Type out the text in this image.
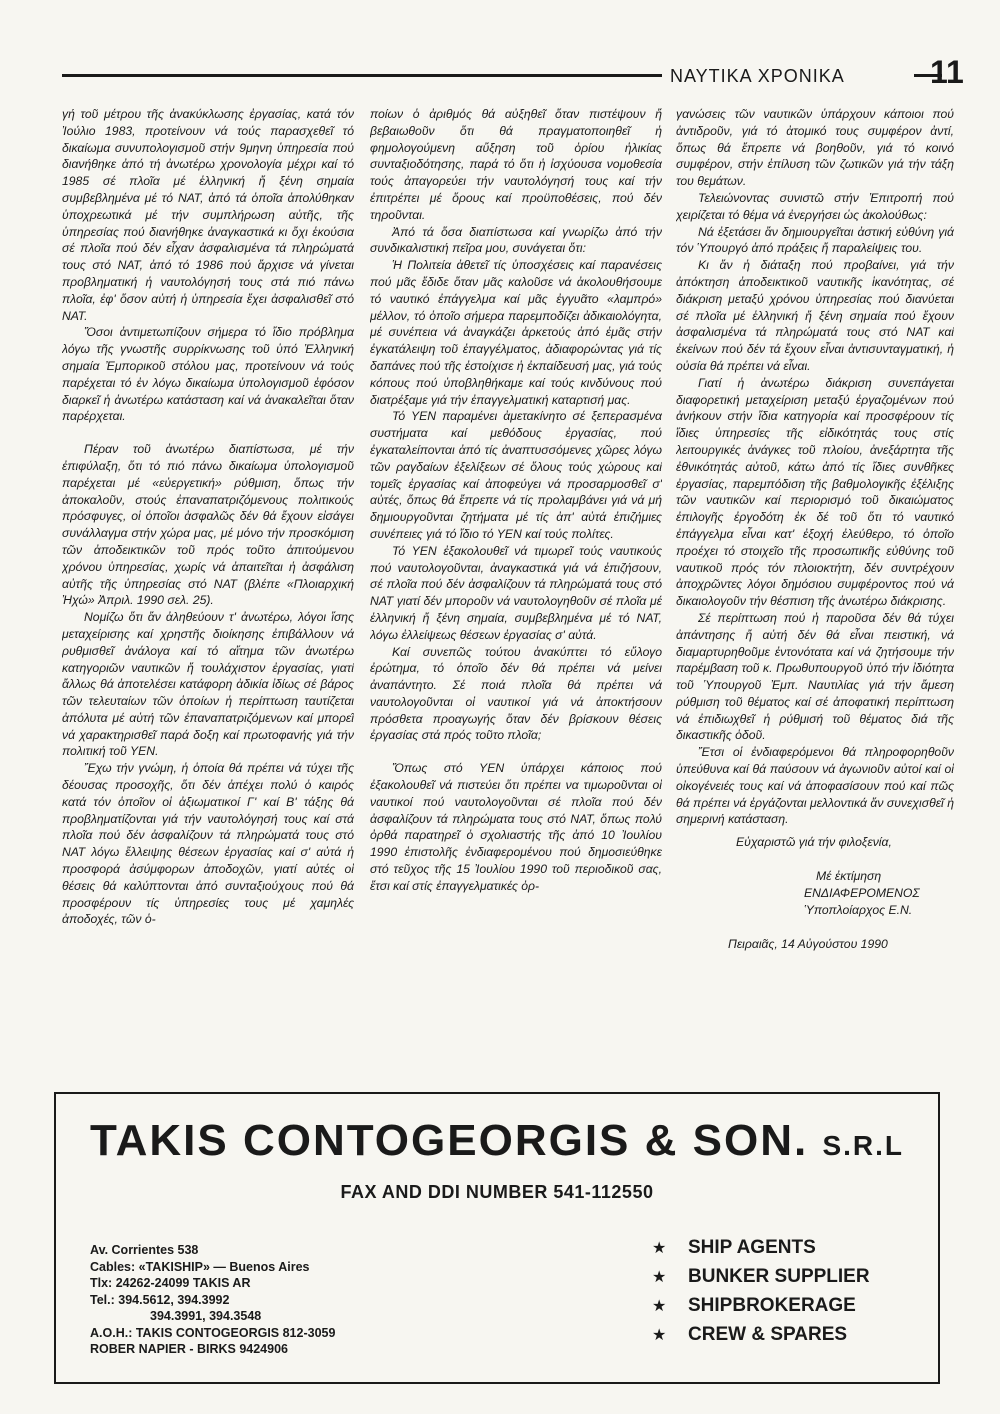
ΝΑΥΤΙΚΑ ΧΡΟΝΙΚΑ	11

γή τοῦ μέτρου τῆς ἀνακύκλωσης ἐργασίας, κατά τόν Ἰούλιο 1983, προτείνουν νά τούς παρασχεθεῖ τό δικαίωμα συνυπολογισμοῦ στήν 9μηνη ὑπηρεσία πού διανήθηκε ἀπό τή ἀνωτέρω χρονολογία μέχρι καί τό 1985 σέ πλοῖα μέ ἑλληνική ἤ ξένη σημαία συμβεβλημένα μέ τό ΝΑΤ, ἀπό τά ὁποῖα ἀπολύθηκαν ὑποχρεωτικά μέ τήν συμπλήρωση αὐτῆς, τῆς ὑπηρεσίας πού διανήθηκε ἀναγκαστικά κι ὄχι ἑκούσια σέ πλοῖα πού δέν εἶχαν ἀσφαλισμένα τά πληρώματά τους στό ΝΑΤ, ἀπό τό 1986 πού ἄρχισε νά γίνεται προβληματική ἡ ναυτολόγησή τους στά πιό πάνω πλοῖα, ἐφ' ὅσον αὐτή ἡ ὑπηρεσία ἔχει ἀσφαλισθεῖ στό ΝΑΤ.

Ὅσοι ἀντιμετωπίζουν σήμερα τό ἴδιο πρόβλημα λόγω τῆς γνωστῆς συρρίκνωσης τοῦ ὑπό Ἑλληνική σημαία Ἐμπορικοῦ στόλου μας, προτείνουν νά τούς παρέχεται τό ἐν λόγω δικαίωμα ὑπολογισμοῦ ἐφόσον διαρκεῖ ἡ ἀνωτέρω κατάσταση καί νά ἀνακαλεῖται ὅταν παρέρχεται.

Πέραν τοῦ ἀνωτέρω διαπίστωσα, μέ τήν ἐπιφύλαξη, ὅτι τό πιό πάνω δικαίωμα ὑπολογισμοῦ παρέχεται μέ «εὐεργετική» ρύθμιση, ὅπως τήν ἀποκαλοῦν, στούς ἐπαναπατριζόμενους πολιτικούς πρόσφυγες, οἱ ὁποῖοι ἀσφαλῶς δέν θά ἔχουν εἰσάγει συνάλλαγμα στήν χώρα μας, μέ μόνο τήν προσκόμιση τῶν ἀποδεικτικῶν τοῦ πρός τοῦτο ἀπιτούμενου χρόνου ὑπηρεσίας, χωρίς νά ἀπαιτεῖται ἡ ἀσφάλιση αὐτῆς τῆς ὑπηρεσίας στό ΝΑΤ (βλέπε «Πλοιαρχική Ἠχώ» Ἀπριλ. 1990 σελ. 25).

Νομίζω ὅτι ἄν ἀληθεύουν τ' ἀνωτέρω, λόγοι ἴσης μεταχείρισης καί χρηστῆς διοίκησης ἐπιβάλλουν νά ρυθμισθεῖ ἀνάλογα καί τό αἴτημα τῶν ἀνωτέρω κατηγοριῶν ναυτικῶν ἤ τουλάχιστον ἐργασίας, γιατί ἄλλως θά ἀποτελέσει κατάφορη ἀδικία ἰδίως σέ βάρος τῶν τελευταίων τῶν ὁποίων ἡ περίπτωση ταυτίζεται ἀπόλυτα μέ αὐτή τῶν ἐπαναπατριζόμενων καί μπορεῖ νά χαρακτηρισθεῖ παρά δοξη καί πρωτοφανής γιά τήν πολιτική τοῦ ΥΕΝ.

Ἔχω τήν γνώμη, ἡ ὁποία θά πρέπει νά τύχει τῆς δέουσας προσοχῆς, ὅτι δέν ἀπέχει πολύ ὁ καιρός κατά τόν ὁποῖον οἱ ἀξιωματικοί Γ' καί Β' τάξης θά προβληματίζονται γιά τήν ναυτολόγησή τους καί στά πλοῖα πού δέν ἀσφαλίζουν τά πληρώματά τους στό ΝΑΤ λόγω ἔλλειψης θέσεων ἐργασίας καί σ' αὐτά ἡ προσφορά ἀσύμφορων ἀποδοχῶν, γιατί αὐτές οἱ θέσεις θά καλύπτονται ἀπό συνταξιούχους πού θά προσφέρουν τίς ὑπηρεσίες τους μέ χαμηλές ἀποδοχές, τῶν ὁ-

ποίων ὁ ἀριθμός θά αὐξηθεῖ ὅταν πιστέψουν ἤ βεβαιωθοῦν ὅτι θά πραγματοποιηθεῖ ἡ φημολογούμενη αὔξηση τοῦ ὁρίου ἡλικίας συνταξιοδότησης, παρά τό ὅτι ἡ ἰσχύουσα νομοθεσία τούς ἀπαγορεύει τήν ναυτολόγησή τους καί τήν ἐπιτρέπει μέ ὅρους καί προϋποθέσεις, πού δέν τηροῦνται.

Ἀπό τά ὅσα διαπίστωσα καί γνωρίζω ἀπό τήν συνδικαλιστική πεῖρα μου, συνάγεται ὅτι:

Ἡ Πολιτεία ἀθετεῖ τίς ὑποσχέσεις καί παρανέσεις πού μᾶς ἔδιδε ὅταν μᾶς καλοῦσε νά ἀκολουθήσουμε τό ναυτικό ἐπάγγελμα καί μᾶς ἐγγυᾶτο «λαμπρό» μέλλον, τό ὁποῖο σήμερα παρεμποδίζει ἀδικαιολόγητα, μέ συνέπεια νά ἀναγκάζει ἀρκετούς ἀπό ἐμᾶς στήν ἐγκατάλειψη τοῦ ἐπαγγέλματος, ἀδιαφορώντας γιά τίς δαπάνες πού τῆς ἐστοίχισε ἡ ἐκπαίδευσή μας, γιά τούς κόπους πού ὑποβληθήκαμε καί τούς κινδύνους πού διατρέξαμε γιά τήν ἐπαγγελματική καταρτισή μας.

Τό ΥΕΝ παραμένει ἀμετακίνητο σέ ξεπερασμένα συστήματα καί μεθόδους ἐργασίας, πού ἐγκαταλείπονται ἀπό τίς ἀναπτυσσόμενες χῶρες λόγω τῶν ραγδαίων ἐξελίξεων σέ ὅλους τούς χώρους καί τομεῖς ἐργασίας καί ἀποφεύγει νά προσαρμοσθεῖ σ' αὐτές, ὅπως θά ἔπρεπε νά τίς προλαμβάνει γιά νά μή δημιουργοῦνται ζητήματα μέ τίς ἀπ' αὐτά ἐπιζήμιες συνέπειες γιά τό ἴδιο τό ΥΕΝ καί τούς πολίτες.

Τό ΥΕΝ ἐξακολουθεῖ νά τιμωρεῖ τούς ναυτικούς πού ναυτολογοῦνται, ἀναγκαστικά γιά νά ἐπιζήσουν, σέ πλοῖα πού δέν ἀσφαλίζουν τά πληρώματά τους στό ΝΑΤ γιατί δέν μποροῦν νά ναυτολογηθοῦν σέ πλοῖα μέ ἑλληνική ἤ ξένη σημαία, συμβεβλημένα μέ τό ΝΑΤ, λόγω ἐλλείψεως θέσεων ἐργασίας σ' αὐτά.

Καί συνεπῶς τούτου ἀνακύπτει τό εὔλογο ἐρώτημα, τό ὁποῖο δέν θά πρέπει νά μείνει ἀναπάντητο. Σέ ποιά πλοῖα θά πρέπει νά ναυτολογοῦνται οἱ ναυτικοί γιά νά ἀποκτήσουν πρόσθετα προαγωγής ὅταν δέν βρίσκουν θέσεις ἐργασίας στά πρός τοῦτο πλοῖα;

Ὅπως στό ΥΕΝ ὑπάρχει κάποιος πού ἐξακολουθεῖ νά πιστεύει ὅτι πρέπει να τιμωροῦνται οἱ ναυτικοί πού ναυτολογοῦνται σέ πλοῖα πού δέν ἀσφαλίζουν τά πληρώματα τους στό ΝΑΤ, ὅπως πολύ ὀρθά παρατηρεῖ ὁ σχολιαστής τῆς ἀπό 10 Ἰουλίου 1990 ἐπιστολῆς ἐνδιαφερομένου πού δημοσιεύθηκε στό τεῦχος τῆς 15 Ἰουλίου 1990 τοῦ περιοδικοῦ σας, ἔτσι καί στίς ἐπαγγελματικές ὀρ-

γανώσεις τῶν ναυτικῶν ὑπάρχουν κάποιοι πού ἀντιδροῦν, γιά τό ἀτομικό τους συμφέρον ἀντί, ὅπως θά ἔπρεπε νά βοηθοῦν, γιά τό κοινό συμφέρον, στήν ἐπίλυση τῶν ζωτικῶν γιά τήν τάξη του θεμάτων.

Τελειώνοντας συνιστῶ στήν Ἐπιτροπή πού χειρίζεται τό θέμα νά ἐνεργήσει ὡς ἀκολούθως:

Νά ἐξετάσει ἄν δημιουργεῖται ἀστική εὐθύνη γιά τόν Ὑπουργό ἀπό πράξεις ἤ παραλείψεις του.

Κι ἄν ἡ διάταξη πού προβαίνει, γιά τήν ἀπόκτηση ἀποδεικτικοῦ ναυτικῆς ἱκανότητας, σέ διάκριση μεταξύ χρόνου ὑπηρεσίας πού διανύεται σέ πλοῖα μέ ἑλληνική ἤ ξένη σημαία πού ἔχουν ἀσφαλισμένα τά πληρώματά τους στό ΝΑΤ καί ἐκείνων πού δέν τά ἔχουν εἶναι ἀντισυνταγματική, ἡ οὐσία θά πρέπει νά εἶναι.

Γιατί ἡ ἀνωτέρω διάκριση συνεπάγεται διαφορετική μεταχείριση μεταξύ ἐργαζομένων πού ἀνήκουν στήν ἴδια κατηγορία καί προσφέρουν τίς ἴδιες ὑπηρεσίες τῆς εἰδικότητάς τους στίς λειτουργικές ἀνάγκες τοῦ πλοίου, ἀνεξάρτητα τῆς ἐθνικότητάς αὐτοῦ, κάτω ἀπό τίς ἴδιες συνθῆκες ἐργασίας, παρεμπόδιση τῆς βαθμολογικῆς ἐξέλιξης τῶν ναυτικῶν καί περιορισμό τοῦ δικαιώματος ἐπιλογῆς ἐργοδότη ἐκ δέ τοῦ ὅτι τό ναυτικό ἐπάγγελμα εἶναι κατ' ἐξοχή ἐλεύθερο, τό ὁποῖο προέχει τό στοιχεῖο τῆς προσωπικῆς εὐθύνης τοῦ ναυτικοῦ πρός τόν πλοιοκτήτη, δέν συντρέχουν ἀποχρῶντες λόγοι δημόσιου συμφέροντος πού νά δικαιολογοῦν τήν θέσπιση τῆς ἀνωτέρω διάκρισης.

Σέ περίπτωση πού ἡ παροῦσα δέν θά τύχει ἀπάντησης ἤ αὐτή δέν θά εἶναι πειστική, νά διαμαρτυρηθοῦμε ἐντονότατα καί νά ζητήσουμε τήν παρέμβαση τοῦ κ. Πρωθυπουργοῦ ὑπό τήν ἰδιότητα τοῦ Ὑπουργοῦ Ἐμπ. Ναυτιλίας γιά τήν ἄμεση ρύθμιση τοῦ θέματος καί σέ ἀποφατική περίπτωση νά ἐπιδιωχθεῖ ἡ ρύθμισή τοῦ θέματος διά τῆς δικαστικῆς ὁδοῦ.

Ἔτσι οἱ ἐνδιαφερόμενοι θά πληροφορηθοῦν ὑπεύθυνα καί θά παύσουν νά ἀγωνιοῦν αὐτοί καί οἱ οἰκογένειές τους καί νά ἀποφασίσουν πού καί πῶς θά πρέπει νά ἐργάζονται μελλοντικά ἄν συνεχισθεῖ ἡ σημερινή κατάσταση.

Εὐχαριστῶ γιά τήν φιλοξενία,
Μέ ἐκτίμηση
ΕΝΔΙΑΦΕΡΟΜΕΝΟΣ
Ὑποπλοίαρχος Ε.Ν.
Πειραιᾶς, 14 Αὐγούστου 1990
TAKIS CONTOGEORGIS & SON. S.R.L
FAX AND DDI NUMBER 541-112550
Av. Corrientes 538
Cables: «TAKISHIP» — Buenos Aires
Tlx: 24262-24099 TAKIS AR
Tel.: 394.5612, 394.3992
394.3991, 394.3548
A.O.H.: TAKIS CONTOGEORGIS 812-3059
ROBER NAPIER - BIRKS 9424906
★ SHIP AGENTS
★ BUNKER SUPPLIER
★ SHIPBROKERAGE
★ CREW & SPARES
